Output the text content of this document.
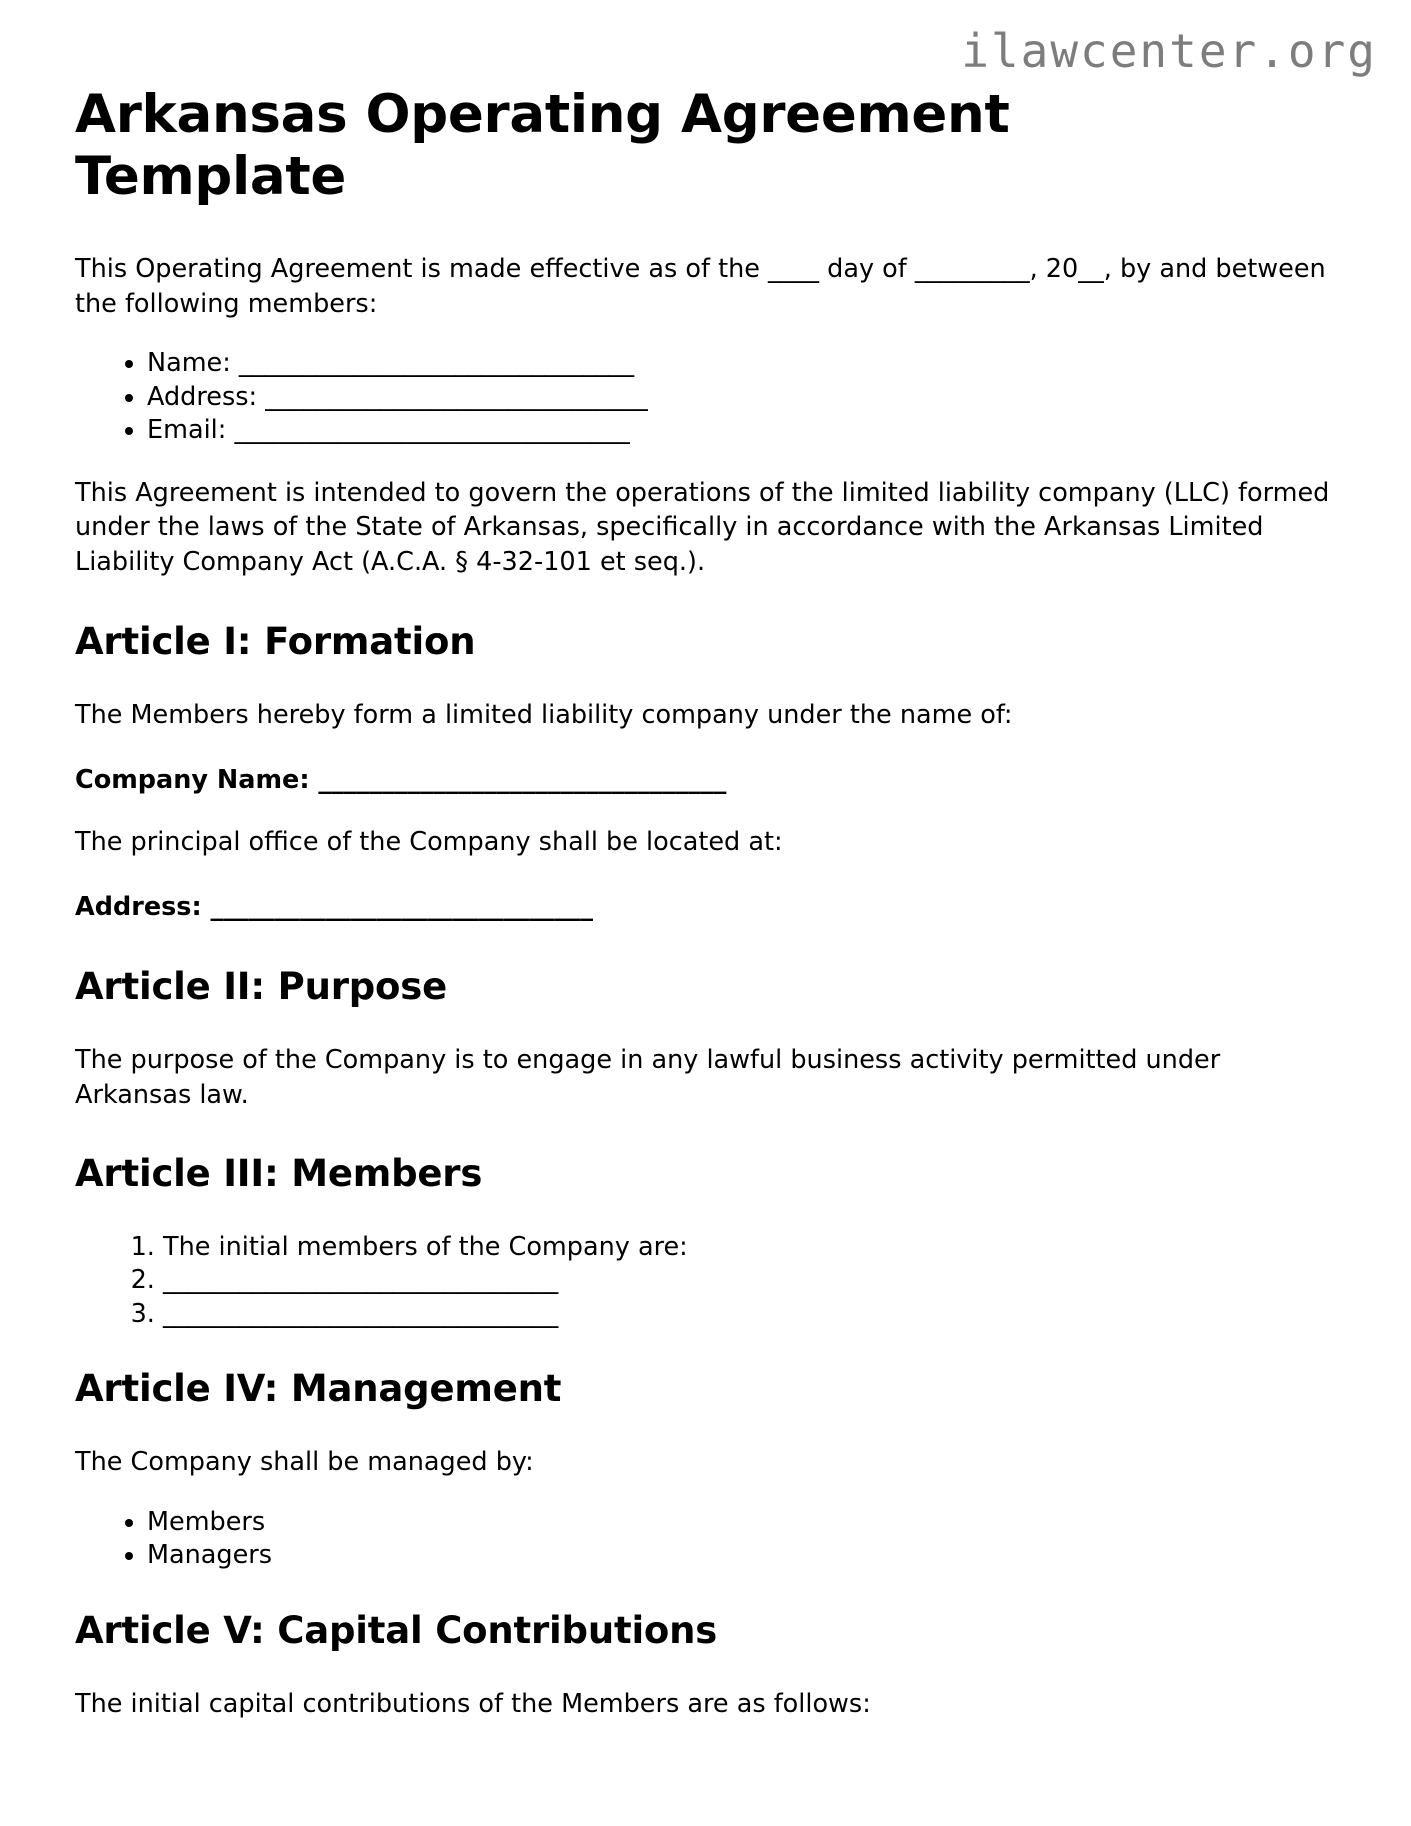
ilawcenter.org
Arkansas Operating Agreement Template

This Operating Agreement is made effective as of the ____ day of _________, 20__, by and between the following members:

• Name: _______________________________
• Address: ______________________________
• Email: _______________________________

This Agreement is intended to govern the operations of the limited liability company (LLC) formed under the laws of the State of Arkansas, specifically in accordance with the Arkansas Limited Liability Company Act (A.C.A. § 4-32-101 et seq.).

Article I: Formation

The Members hereby form a limited liability company under the name of:

Company Name: ________________________________

The principal office of the Company shall be located at:

Address: ______________________________

Article II: Purpose

The purpose of the Company is to engage in any lawful business activity permitted under Arkansas law.

Article III: Members
1. The initial members of the Company are:
2. _______________________________
3. _______________________________
Article IV: Management

The Company shall be managed by:

• Members
• Managers
Article V: Capital Contributions

The initial capital contributions of the Members are as follows:
